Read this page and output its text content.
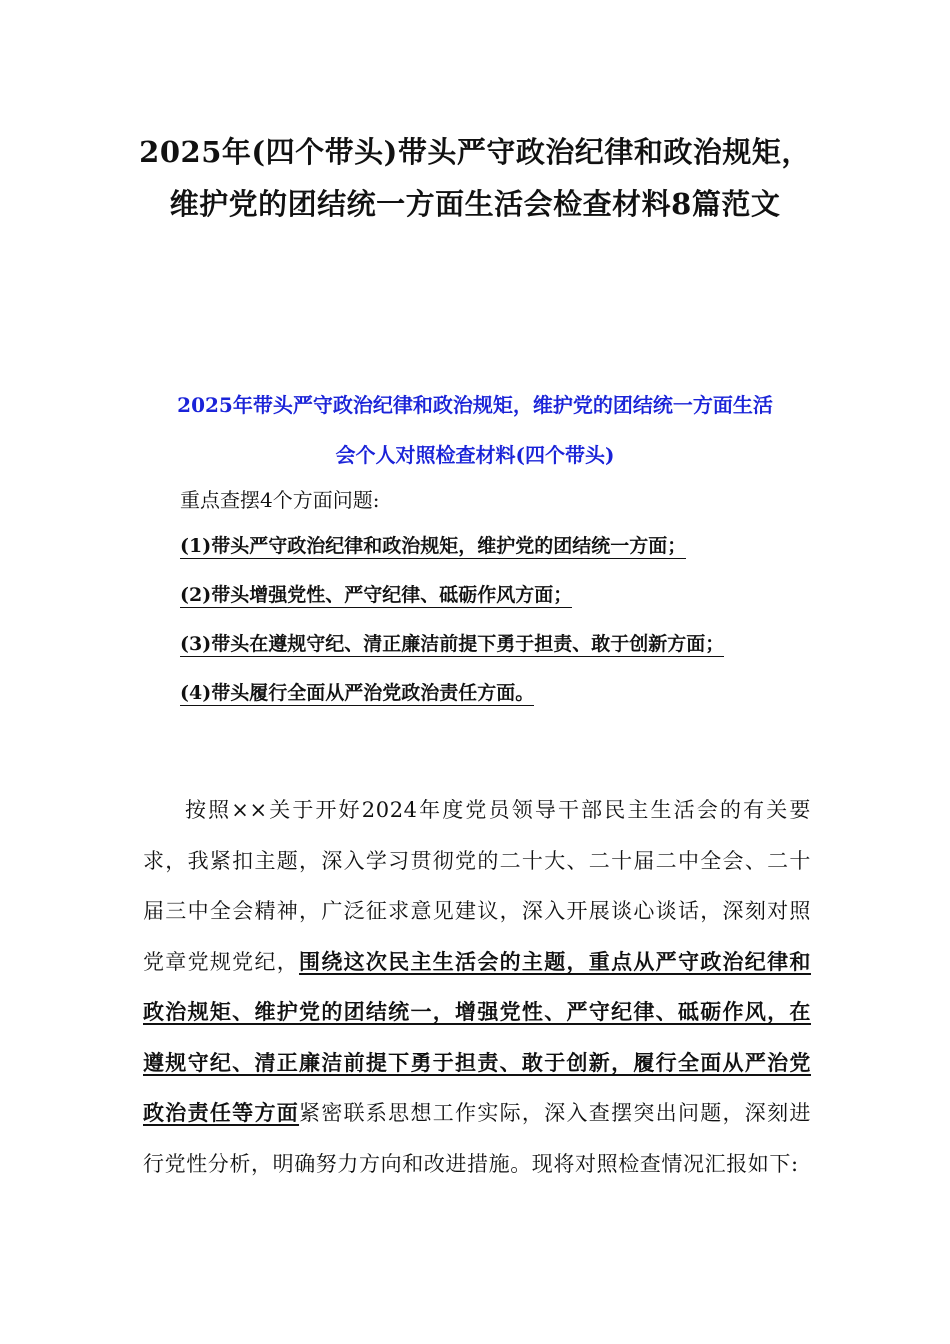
2025年(四个带头)带头严守政治纪律和政治规矩，
维护党的团结统一方面生活会检查材料8篇范文
2025年带头严守政治纪律和政治规矩，维护党的团结统一方面生活
会个人对照检查材料(四个带头)
重点查摆4个方面问题:
(1)带头严守政治纪律和政治规矩，维护党的团结统一方面；
(2)带头增强党性、严守纪律、砥砺作风方面；
(3)带头在遵规守纪、清正廉洁前提下勇于担责、敢于创新方面；
(4)带头履行全面从严治党政治责任方面。
按照××关于开好2024年度党员领导干部民主生活会的有关要求，我紧扣主题，深入学习贯彻党的二十大、二十届二中全会、二十届三中全会精神，广泛征求意见建议，深入开展谈心谈话，深刻对照党章党规党纪，围绕这次民主生活会的主题，重点从严守政治纪律和政治规矩、维护党的团结统一，增强党性、严守纪律、砥砺作风，在遵规守纪、清正廉洁前提下勇于担责、敢于创新，履行全面从严治党政治责任等方面紧密联系思想工作实际，深入查摆突出问题，深刻进行党性分析，明确努力方向和改进措施。现将对照检查情况汇报如下:
